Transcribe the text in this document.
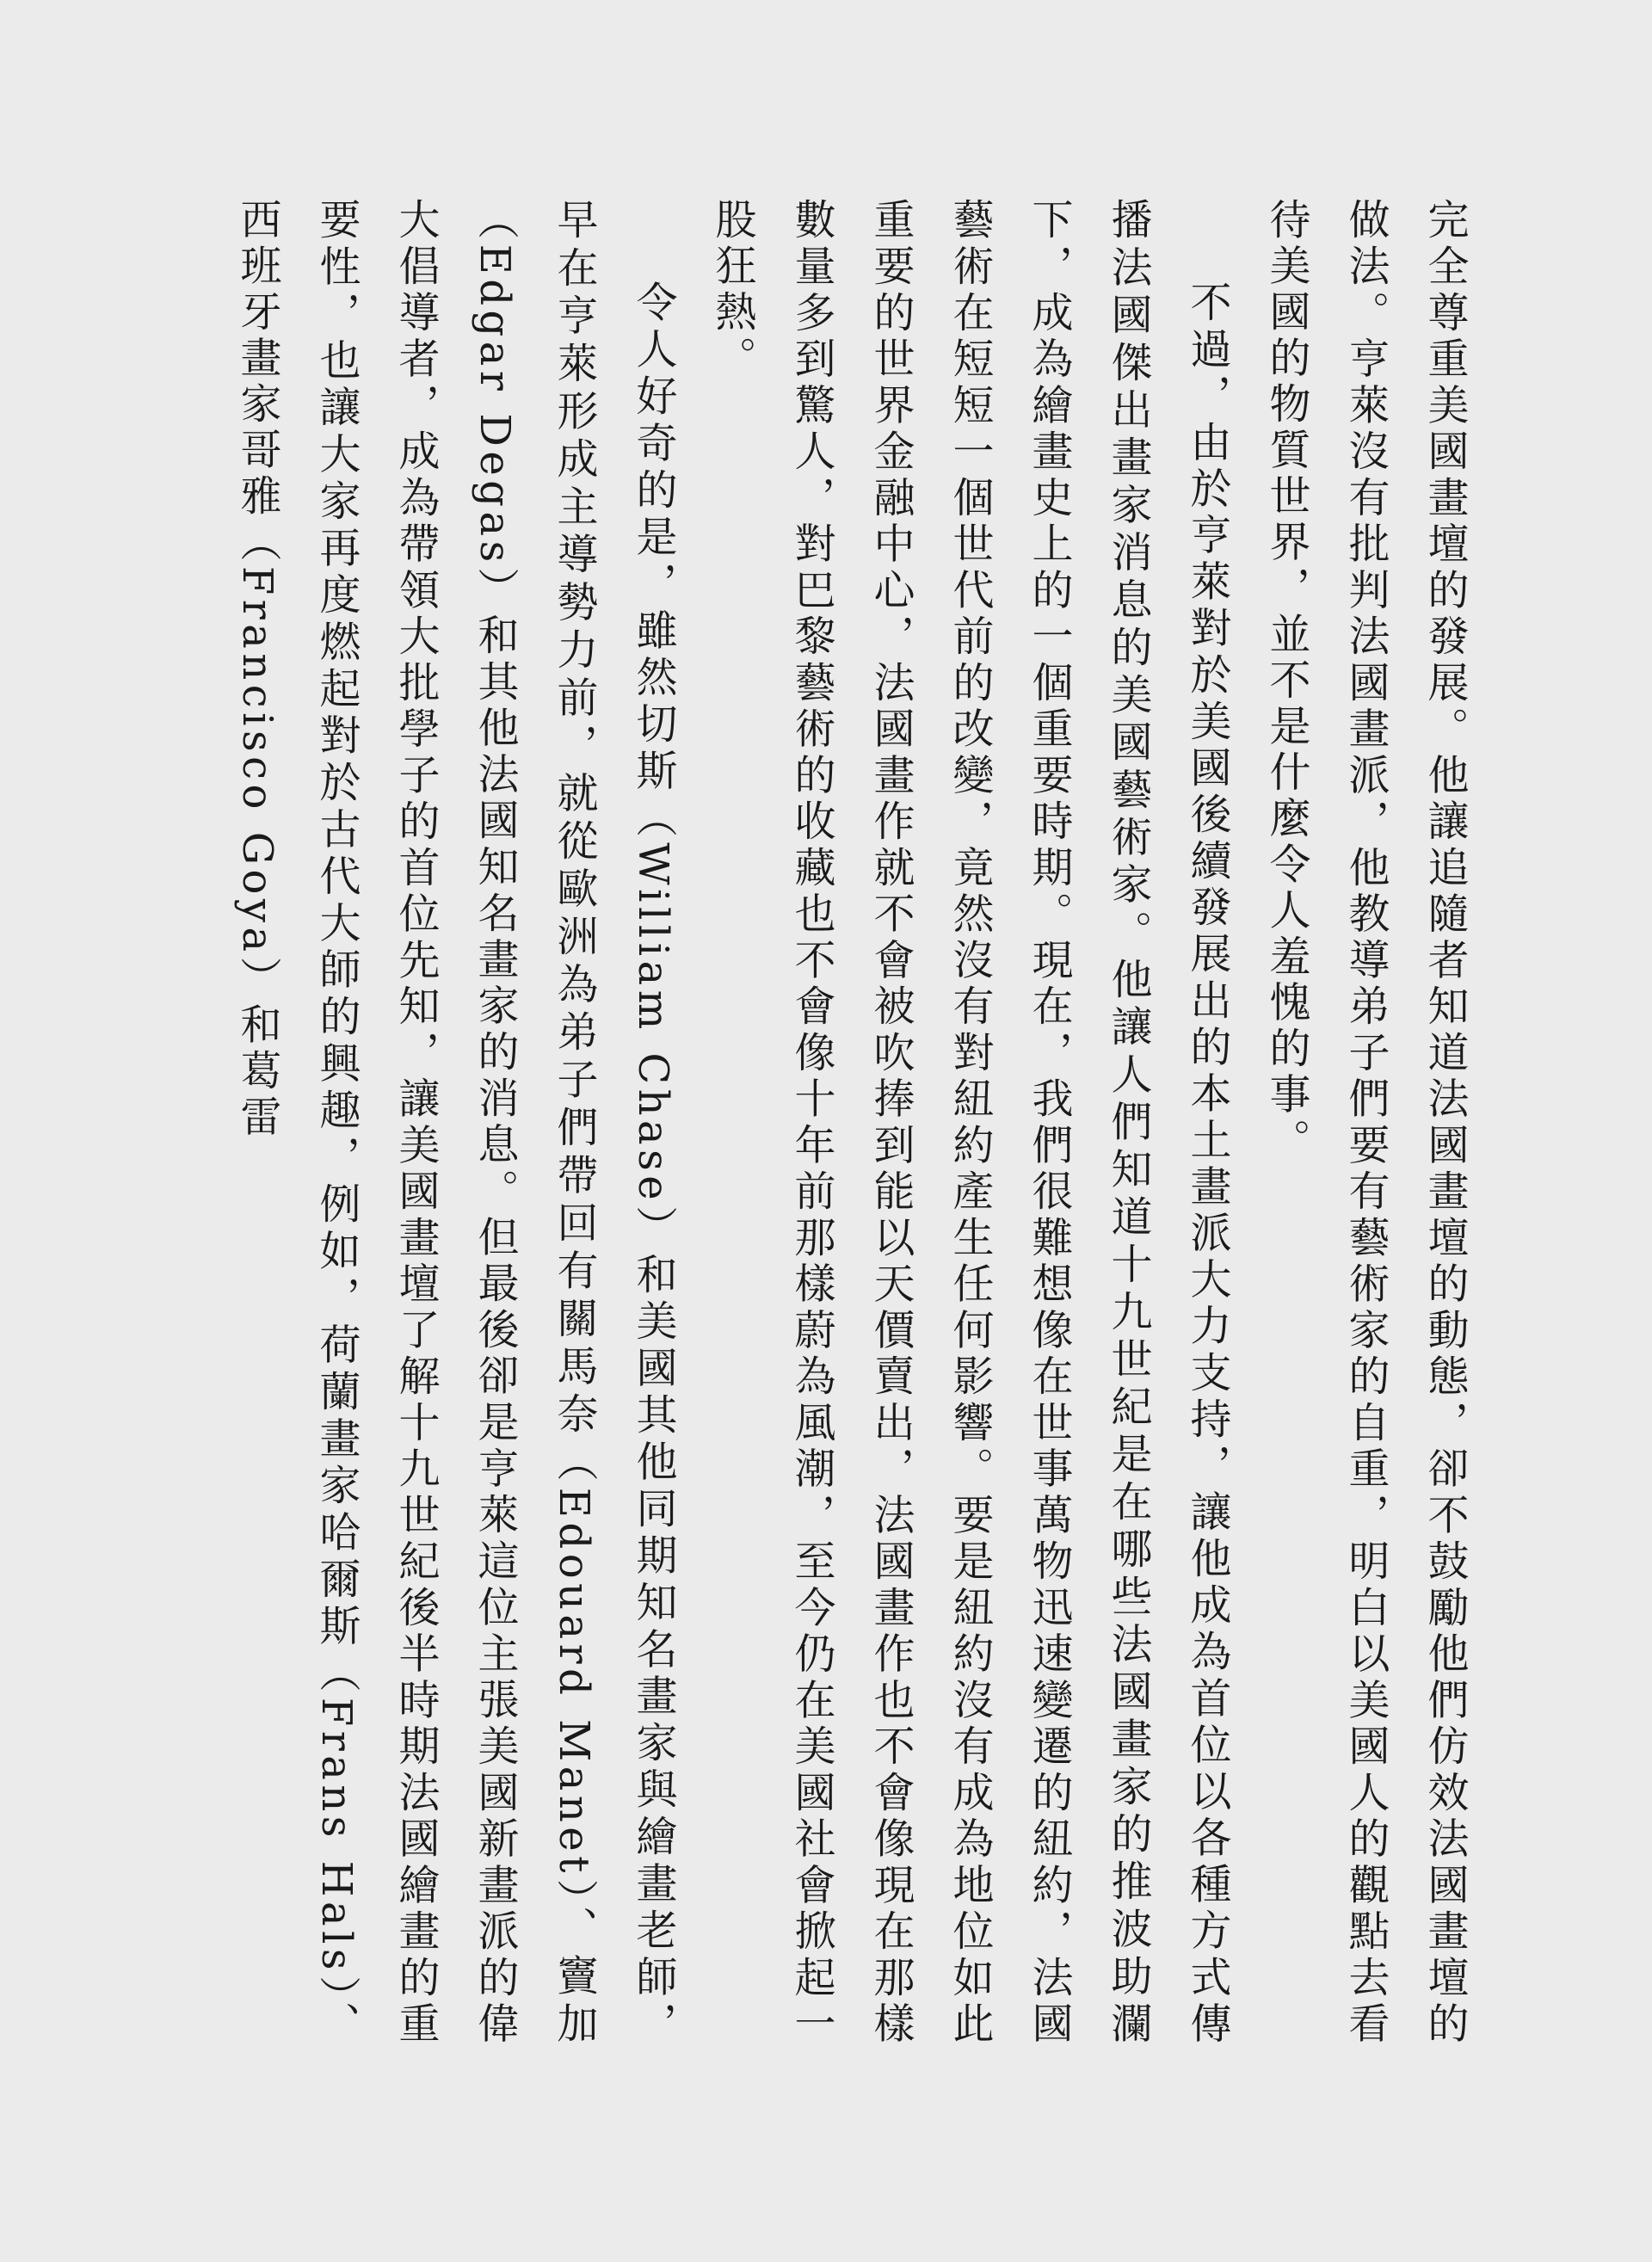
完全尊重美國畫壇的發展。他讓追隨者知道法國畫壇的動態，卻不鼓勵他們仿效法國畫壇的做法。亨萊沒有批判法國畫派，他教導弟子們要有藝術家的自重，明白以美國人的觀點去看待美國的物質世界，並不是什麼令人羞愧的事。

不過，由於亨萊對於美國後續發展出的本土畫派大力支持，讓他成為首位以各種方式傳播法國傑出畫家消息的美國藝術家。他讓人們知道十九世紀是在哪些法國畫家的推波助瀾下，成為繪畫史上的一個重要時期。現在，我們很難想像在世事萬物迅速變遷的紐約，法國藝術在短短一個世代前的改變，竟然沒有對紐約產生任何影響。要是紐約沒有成為地位如此重要的世界金融中心，法國畫作就不會被吹捧到能以天價賣出，法國畫作也不會像現在那樣數量多到驚人，對巴黎藝術的收藏也不會像十年前那樣蔚為風潮，至今仍在美國社會掀起一股狂熱。

令人好奇的是，雖然切斯（William Chase）和美國其他同期知名畫家與繪畫老師，早在亨萊形成主導勢力前，就從歐洲為弟子們帶回有關馬奈（Edouard Manet）、竇加（Edgar Degas）和其他法國知名畫家的消息。但最後卻是亨萊這位主張美國新畫派的偉大倡導者，成為帶領大批學子的首位先知，讓美國畫壇了解十九世紀後半時期法國繪畫的重要性，也讓大家再度燃起對於古代大師的興趣，例如，荷蘭畫家哈爾斯（Frans Hals）、西班牙畫家哥雅（Francisco Goya）和葛雷
